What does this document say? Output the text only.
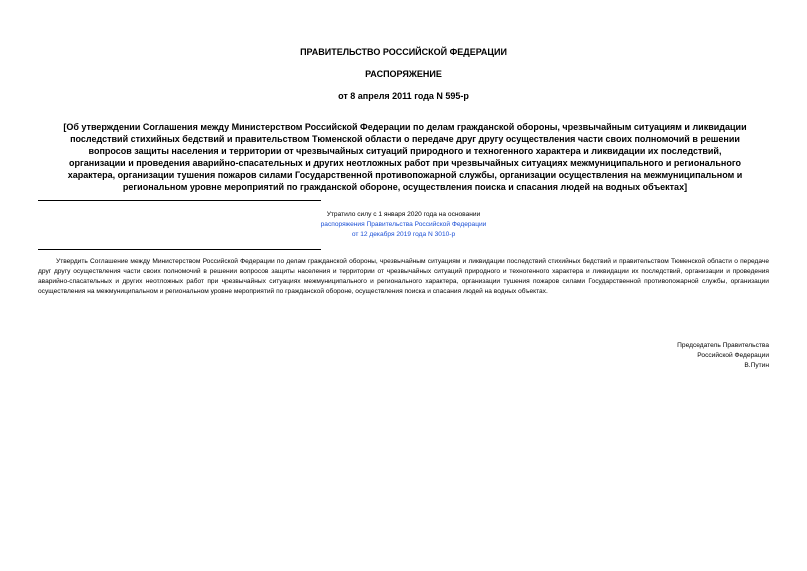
ПРАВИТЕЛЬСТВО РОССИЙСКОЙ ФЕДЕРАЦИИ
РАСПОРЯЖЕНИЕ
от 8 апреля 2011 года N 595-р
[Об утверждении Соглашения между Министерством Российской Федерации по делам гражданской обороны, чрезвычайным ситуациям и ликвидации последствий стихийных бедствий и правительством Тюменской области о передаче друг другу осуществления части своих полномочий в решении вопросов защиты населения и территории от чрезвычайных ситуаций природного и техногенного характера и ликвидации их последствий, организации и проведения аварийно-спасательных и других неотложных работ при чрезвычайных ситуациях межмуниципального и регионального характера, организации тушения пожаров силами Государственной противопожарной службы, организации осуществления на межмуниципальном и региональном уровне мероприятий по гражданской обороне, осуществления поиска и спасания людей на водных объектах]
Утратило силу с 1 января 2020 года на основании
распоряжения Правительства Российской Федерации
от 12 декабря 2019 года N 3010-р
Утвердить Соглашение между Министерством Российской Федерации по делам гражданской обороны, чрезвычайным ситуациям и ликвидации последствий стихийных бедствий и правительством Тюменской области о передаче друг другу осуществления части своих полномочий в решении вопросов защиты населения и территории от чрезвычайных ситуаций природного и техногенного характера и ликвидации их последствий, организации и проведения аварийно-спасательных и других неотложных работ при чрезвычайных ситуациях межмуниципального и регионального характера, организации тушения пожаров силами Государственной противопожарной службы, организации осуществления на межмуниципальном и региональном уровне мероприятий по гражданской обороне, осуществления поиска и спасания людей на водных объектах.
Председатель Правительства
Российской Федерации
В.Путин
